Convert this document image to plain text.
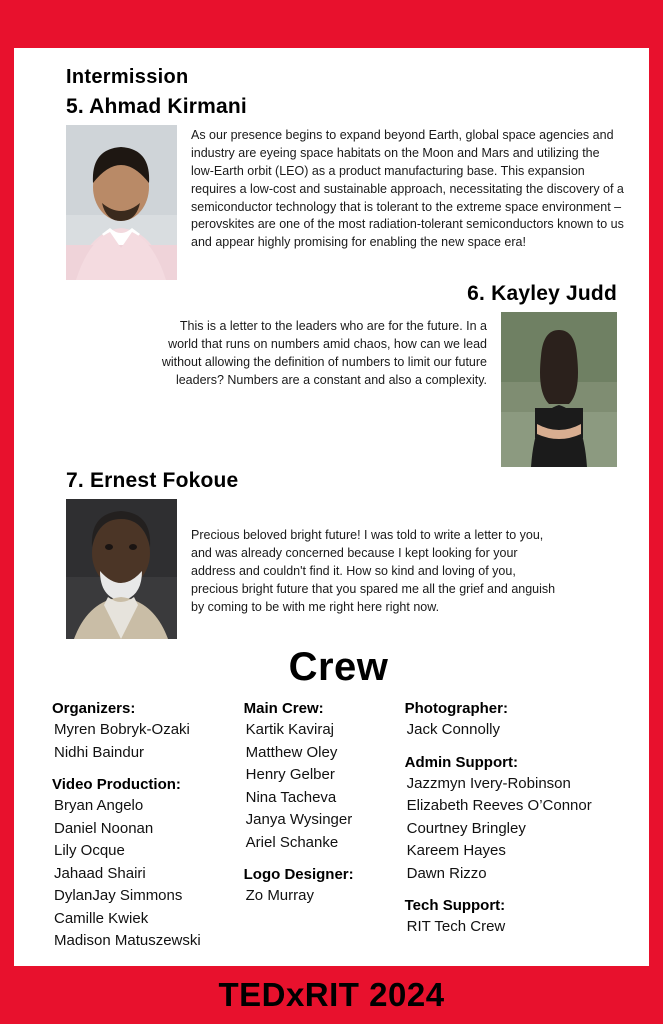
Intermission
5. Ahmad Kirmani
As our presence begins to expand beyond Earth, global space agencies and industry are eyeing space habitats on the Moon and Mars and utilizing the low-Earth orbit (LEO) as a product manufacturing base. This expansion requires a low-cost and sustainable approach, necessitating the discovery of a semiconductor technology that is tolerant to the extreme space environment – perovskites are one of the most radiation-tolerant semiconductors known to us and appear highly promising for enabling the new space era!
6. Kayley Judd
This is a letter to the leaders who are for the future. In a world that runs on numbers amid chaos, how can we lead without allowing the definition of numbers to limit our future leaders? Numbers are a constant and also a complexity.
7. Ernest Fokoue
Precious beloved bright future! I was told to write a letter to you, and was already concerned because I kept looking for your address and couldn't find it. How so kind and loving of you, precious bright future that you spared me all the grief and anguish by coming to be with me right here right now.
Crew
Organizers:
Myren Bobryk-Ozaki
Nidhi Baindur
Video Production:
Bryan Angelo
Daniel Noonan
Lily Ocque
Jahaad Shairi
DylanJay Simmons
Camille Kwiek
Madison Matuszewski
Main Crew:
Kartik Kaviraj
Matthew Oley
Henry Gelber
Nina Tacheva
Janya Wysinger
Ariel Schanke
Logo Designer:
Zo Murray
Photographer:
Jack Connolly
Admin Support:
Jazzmyn Ivery-Robinson
Elizabeth Reeves O’Connor
Courtney Bringley
Kareem Hayes
Dawn Rizzo
Tech Support:
RIT Tech Crew
TEDxRIT 2024
